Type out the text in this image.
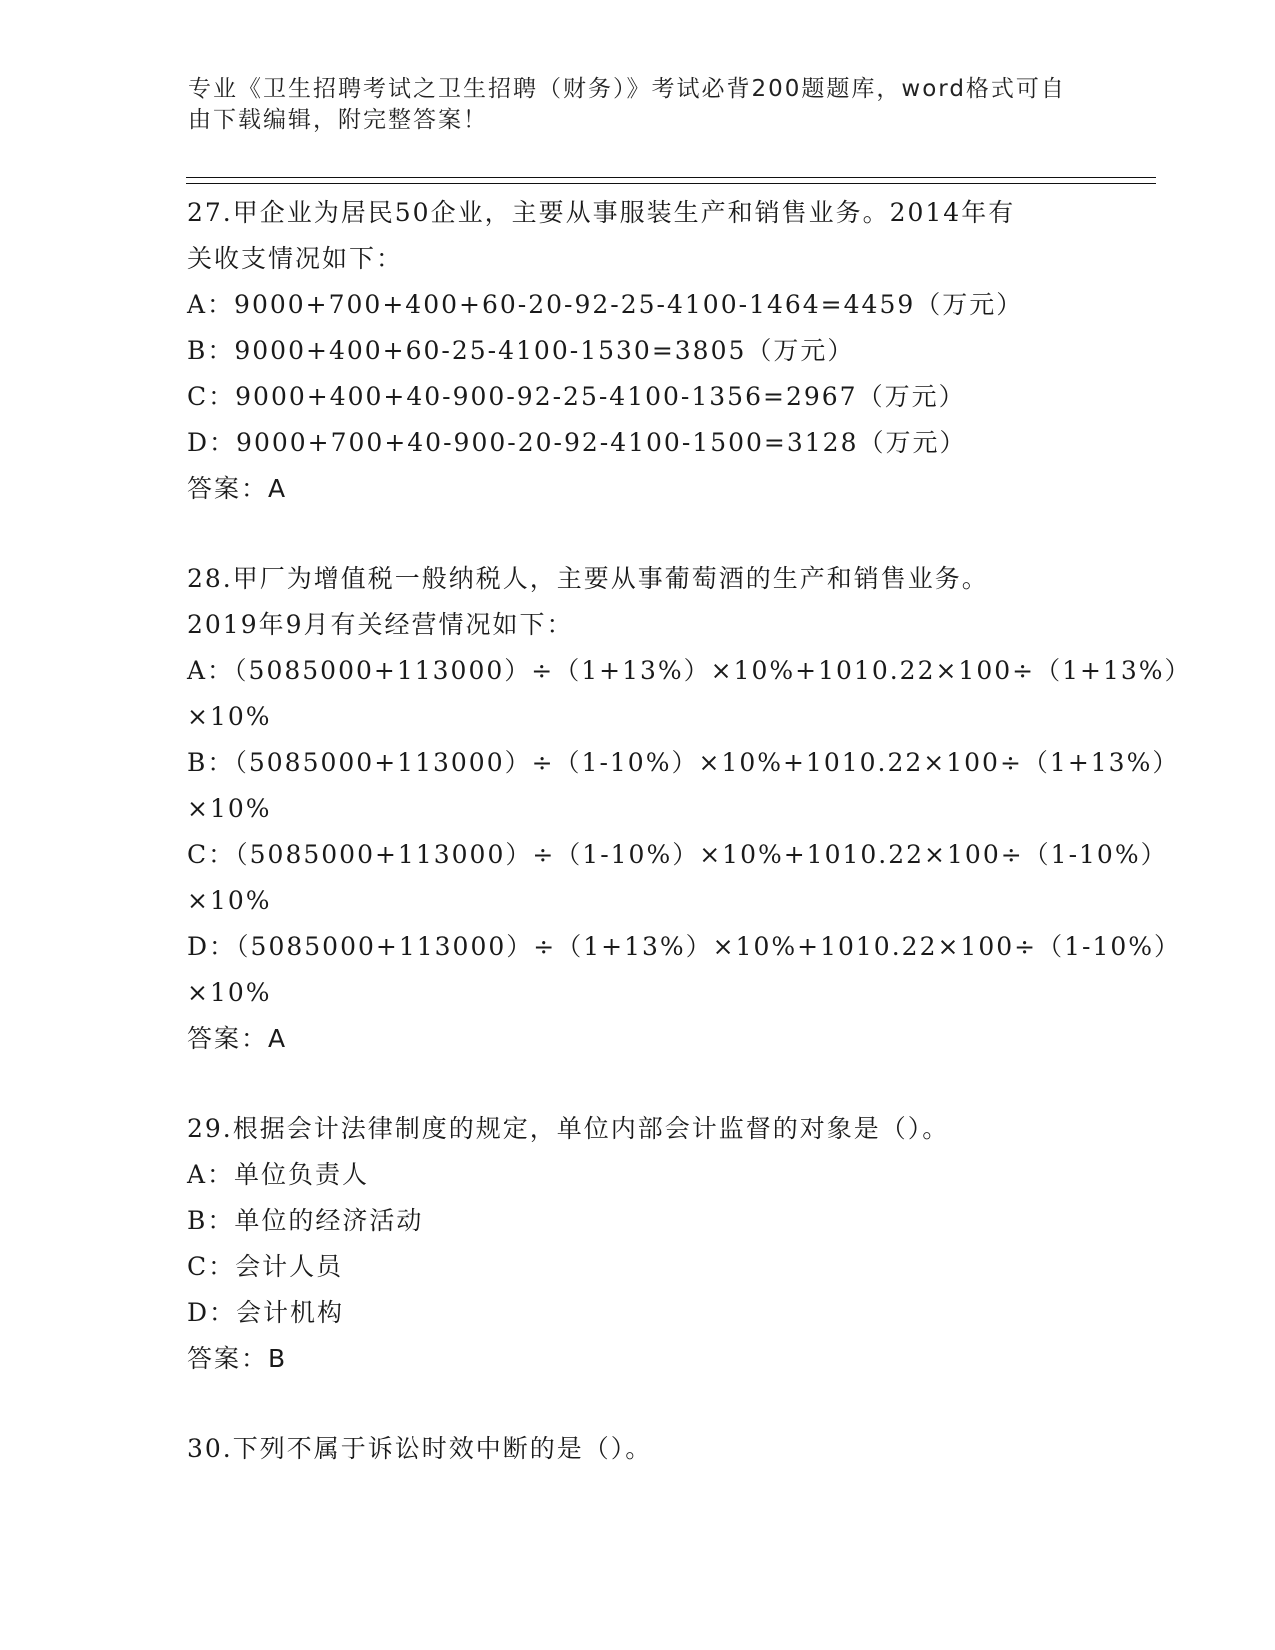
专业《卫生招聘考试之卫生招聘（财务）》考试必背200题题库，word格式可自
由下载编辑，附完整答案！
27.甲企业为居民50企业，主要从事服装生产和销售业务。2014年有
关收支情况如下：
A：9000+700+400+60-20-92-25-4100-1464=4459（万元）
B：9000+400+60-25-4100-1530=3805（万元）
C：9000+400+40-900-92-25-4100-1356=2967（万元）
D：9000+700+40-900-20-92-4100-1500=3128（万元）
答案：A
28.甲厂为增值税一般纳税人，主要从事葡萄酒的生产和销售业务。
2019年9月有关经营情况如下：
A：（5085000+113000）÷（1+13%）×10%+1010.22×100÷（1+13%）
×10%
B：（5085000+113000）÷（1-10%）×10%+1010.22×100÷（1+13%）
×10%
C：（5085000+113000）÷（1-10%）×10%+1010.22×100÷（1-10%）
×10%
D：（5085000+113000）÷（1+13%）×10%+1010.22×100÷（1-10%）
×10%
答案：A
29.根据会计法律制度的规定，单位内部会计监督的对象是（）。
A：单位负责人
B：单位的经济活动
C：会计人员
D：会计机构
答案：B
30.下列不属于诉讼时效中断的是（）。
